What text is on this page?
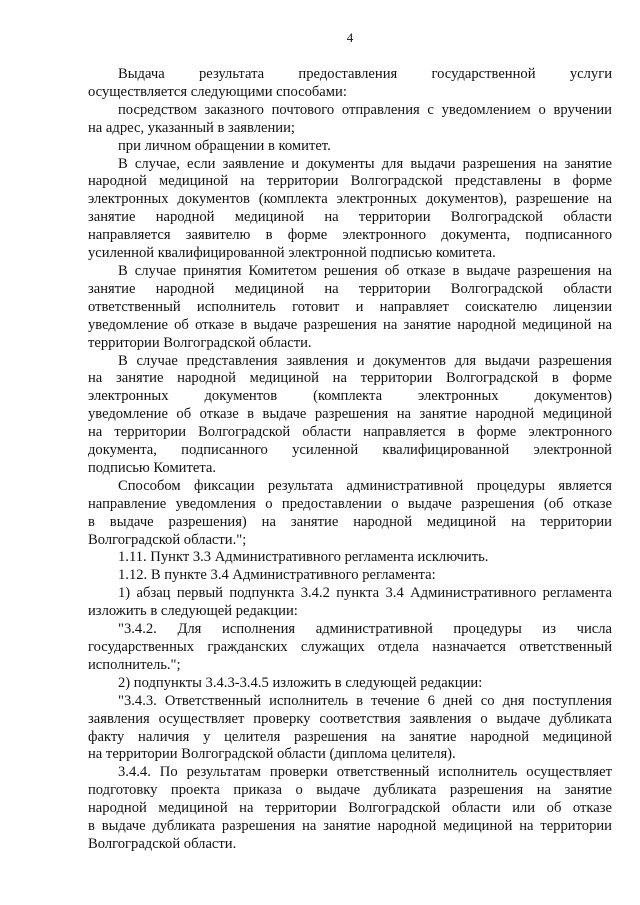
4
Выдача результата предоставления государственной услуги
осуществляется следующими способами:
посредством заказного почтового отправления с уведомлением о вручении
на адрес, указанный в заявлении;
при личном обращении в комитет.
В случае, если заявление и документы для выдачи разрешения на занятие
народной медициной на территории Волгоградской представлены в форме
электронных документов (комплекта электронных документов), разрешение на
занятие народной медициной на территории Волгоградской области
направляется заявителю в форме электронного документа, подписанного
усиленной квалифицированной электронной подписью комитета.
В случае принятия Комитетом решения об отказе в выдаче разрешения на
занятие народной медициной на территории Волгоградской области
ответственный исполнитель готовит и направляет соискателю лицензии
уведомление об отказе в выдаче разрешения на занятие народной медициной на
территории Волгоградской области.
В случае представления заявления и документов для выдачи разрешения
на занятие народной медициной на территории Волгоградской в форме
электронных документов (комплекта электронных документов)
уведомление об отказе в выдаче разрешения на занятие народной медициной
на территории Волгоградской области направляется в форме электронного
документа, подписанного усиленной квалифицированной электронной
подписью Комитета.
Способом фиксации результата административной процедуры является
направление уведомления о предоставлении о выдаче разрешения (об отказе
в выдаче разрешения) на занятие народной медициной на территории
Волгоградской области.";
1.11. Пункт 3.3 Административного регламента исключить.
1.12. В пункте 3.4 Административного регламента:
1) абзац первый подпункта 3.4.2 пункта 3.4 Административного регламента
изложить в следующей редакции:
"3.4.2. Для исполнения административной процедуры из числа
государственных гражданских служащих отдела назначается ответственный
исполнитель.";
2) подпункты 3.4.3-3.4.5 изложить в следующей редакции:
"3.4.3. Ответственный исполнитель в течение 6 дней со дня поступления
заявления осуществляет проверку соответствия заявления о выдаче дубликата
факту наличия у целителя разрешения на занятие народной медициной
на территории Волгоградской области (диплома целителя).
3.4.4. По результатам проверки ответственный исполнитель осуществляет
подготовку проекта приказа о выдаче дубликата разрешения на занятие
народной медициной на территории Волгоградской области или об отказе
в выдаче дубликата разрешения на занятие народной медициной на территории
Волгоградской области.
